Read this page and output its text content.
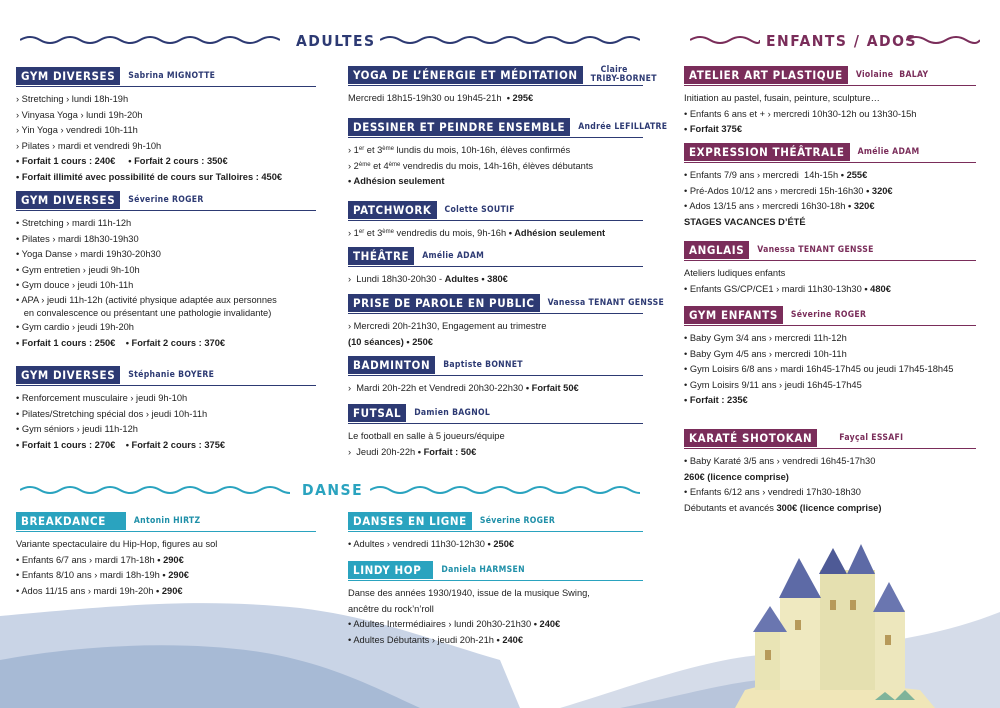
ADULTES	ENFANTS / ADOS
DANSE
GYM DIVERSES	Sabrina MIGNOTTE
› Stretching › lundi 18h-19h
› Vinyasa Yoga › lundi 19h-20h
› Yin Yoga › vendredi 10h-11h
› Pilates › mardi et vendredi 9h-10h
• Forfait 1 cours : 240€     • Forfait 2 cours : 350€
• Forfait illimité avec possibilité de cours sur Talloires : 450€
GYM DIVERSES	Séverine ROGER
• Stretching › mardi 11h-12h
• Pilates › mardi 18h30-19h30
• Yoga Danse › mardi 19h30-20h30
• Gym entretien › jeudi 9h-10h
• Gym douce › jeudi 10h-11h
• APA › jeudi 11h-12h (activité physique adaptée aux personnes
en convalescence ou présentant une pathologie invalidante)
• Gym cardio › jeudi 19h-20h
• Forfait 1 cours : 250€    • Forfait 2 cours : 370€
GYM DIVERSES	Stéphanie BOYERE
• Renforcement musculaire › jeudi 9h-10h
• Pilates/Stretching spécial dos › jeudi 10h-11h
• Gym séniors › jeudi 11h-12h
• Forfait 1 cours : 270€    • Forfait 2 cours : 375€
YOGA DE L’ÉNERGIE ET MÉDITATION	Claire
TRIBY-BORNET
Mercredi 18h15-19h30 ou 19h45-21h  • 295€
DESSINER ET PEINDRE ENSEMBLE	Andrée LEFILLATRE
› 1er et 3ème lundis du mois, 10h-16h, élèves confirmés
› 2ème et 4ème vendredis du mois, 14h-16h, élèves débutants
• Adhésion seulement
PATCHWORK	Colette SOUTIF
› 1er et 3ème vendredis du mois, 9h-16h • Adhésion seulement
THÉÂTRE	Amélie ADAM
›  Lundi 18h30-20h30 - Adultes • 380€
PRISE DE PAROLE EN PUBLIC	Vanessa TENANT GENSSE
› Mercredi 20h-21h30, Engagement au trimestre
(10 séances) • 250€
BADMINTON	Baptiste BONNET
›  Mardi 20h-22h et Vendredi 20h30-22h30 • Forfait 50€
FUTSAL	Damien BAGNOL
Le football en salle à 5 joueurs/équipe
›  Jeudi 20h-22h • Forfait : 50€
ATELIER ART PLASTIQUE	Violaine  BALAY
Initiation au pastel, fusain, peinture, sculpture…
• Enfants 6 ans et + › mercredi 10h30-12h ou 13h30-15h
• Forfait 375€
EXPRESSION THÉÂTRALE	Amélie ADAM
• Enfants 7/9 ans › mercredi  14h-15h • 255€
• Pré-Ados 10/12 ans › mercredi 15h-16h30 • 320€
• Ados 13/15 ans › mercredi 16h30-18h • 320€
STAGES VACANCES D’ÉTÉ
ANGLAIS	Vanessa TENANT GENSSE
Ateliers ludiques enfants
• Enfants GS/CP/CE1 › mardi 11h30-13h30 • 480€
GYM ENFANTS	Séverine ROGER
• Baby Gym 3/4 ans › mercredi 11h-12h
• Baby Gym 4/5 ans › mercredi 10h-11h
• Gym Loisirs 6/8 ans › mardi 16h45-17h45 ou jeudi 17h45-18h45
• Gym Loisirs 9/11 ans › jeudi 16h45-17h45
• Forfait : 235€
KARATÉ SHOTOKAN	Fayçal ESSAFI
• Baby Karaté 3/5 ans › vendredi 16h45-17h30
260€ (licence comprise)
• Enfants 6/12 ans › vendredi 17h30-18h30
Débutants et avancés 300€ (licence comprise)
BREAKDANCE	Antonin HIRTZ
Variante spectaculaire du Hip-Hop, figures au sol
• Enfants 6/7 ans › mardi 17h-18h • 290€
• Enfants 8/10 ans › mardi 18h-19h • 290€
• Ados 11/15 ans › mardi 19h-20h • 290€
DANSES EN LIGNE	Séverine ROGER
• Adultes › vendredi 11h30-12h30 • 250€
LINDY HOP	Daniela HARMSEN
Danse des années 1930/1940, issue de la musique Swing,
ancêtre du rock’n’roll
• Adultes Intermédiaires › lundi 20h30-21h30 • 240€
• Adultes Débutants › jeudi 20h-21h • 240€
